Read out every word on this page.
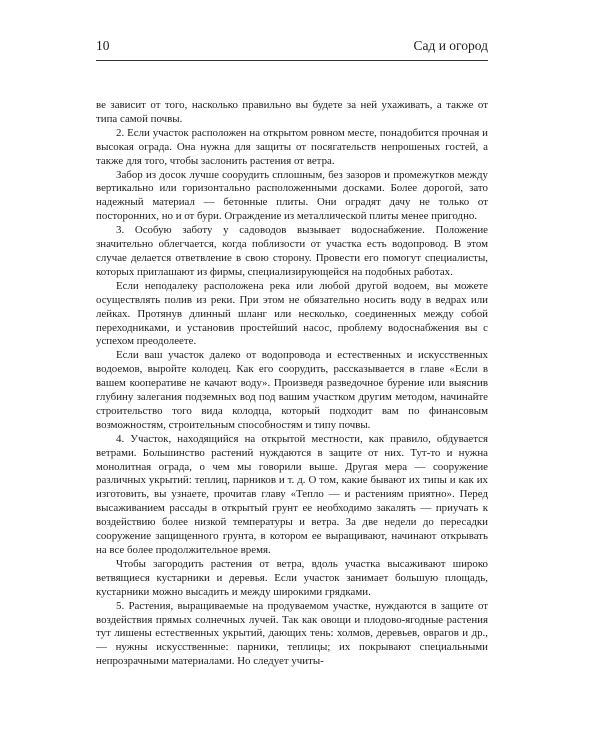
10	Сад и огород

ве зависит от того, насколько правильно вы будете за ней ухаживать, а также от типа самой почвы.

2. Если участок расположен на открытом ровном месте, понадобится прочная и высокая ограда. Она нужна для защиты от посягательств непрошеных гостей, а также для того, чтобы заслонить растения от ветра.

Забор из досок лучше соорудить сплошным, без зазоров и промежутков между вертикально или горизонтально расположенными досками. Более дорогой, зато надежный материал — бетонные плиты. Они оградят дачу не только от посторонних, но и от бури. Ограждение из металлической плиты менее пригодно.

3. Особую заботу у садоводов вызывает водоснабжение. Положение значительно облегчается, когда поблизости от участка есть водопровод. В этом случае делается ответвление в свою сторону. Провести его помогут специалисты, которых приглашают из фирмы, специализирующейся на подобных работах.

Если неподалеку расположена река или любой другой водоем, вы можете осуществлять полив из реки. При этом не обязательно носить воду в ведрах или лейках. Протянув длинный шланг или несколько, соединенных между собой переходниками, и установив простейший насос, проблему водоснабжения вы с успехом преодолеете.

Если ваш участок далеко от водопровода и естественных и искусственных водоемов, выройте колодец. Как его соорудить, рассказывается в главе «Если в вашем кооперативе не качают воду». Произведя разведочное бурение или выяснив глубину залегания подземных вод под вашим участком другим методом, начинайте строительство того вида колодца, который подходит вам по финансовым возможностям, строительным способностям и типу почвы.

4. Участок, находящийся на открытой местности, как правило, обдувается ветрами. Большинство растений нуждаются в защите от них. Тут-то и нужна монолитная ограда, о чем мы говорили выше. Другая мера — сооружение различных укрытий: теплиц, парников и т. д. О том, какие бывают их типы и как их изготовить, вы узнаете, прочитав главу «Тепло — и растениям приятно». Перед высаживанием рассады в открытый грунт ее необходимо закалять — приучать к воздействию более низкой температуры и ветра. За две недели до пересадки сооружение защищенного грунта, в котором ее выращивают, начинают открывать на все более продолжительное время.

Чтобы загородить растения от ветра, вдоль участка высаживают широко ветвящиеся кустарники и деревья. Если участок занимает большую площадь, кустарники можно высадить и между широкими грядками.

5. Растения, выращиваемые на продуваемом участке, нуждаются в защите от воздействия прямых солнечных лучей. Так как овощи и плодово-ягодные растения тут лишены естественных укрытий, дающих тень: холмов, деревьев, оврагов и др., — нужны искусственные: парники, теплицы; их покрывают специальными непрозрачными материалами. Но следует учиты-
